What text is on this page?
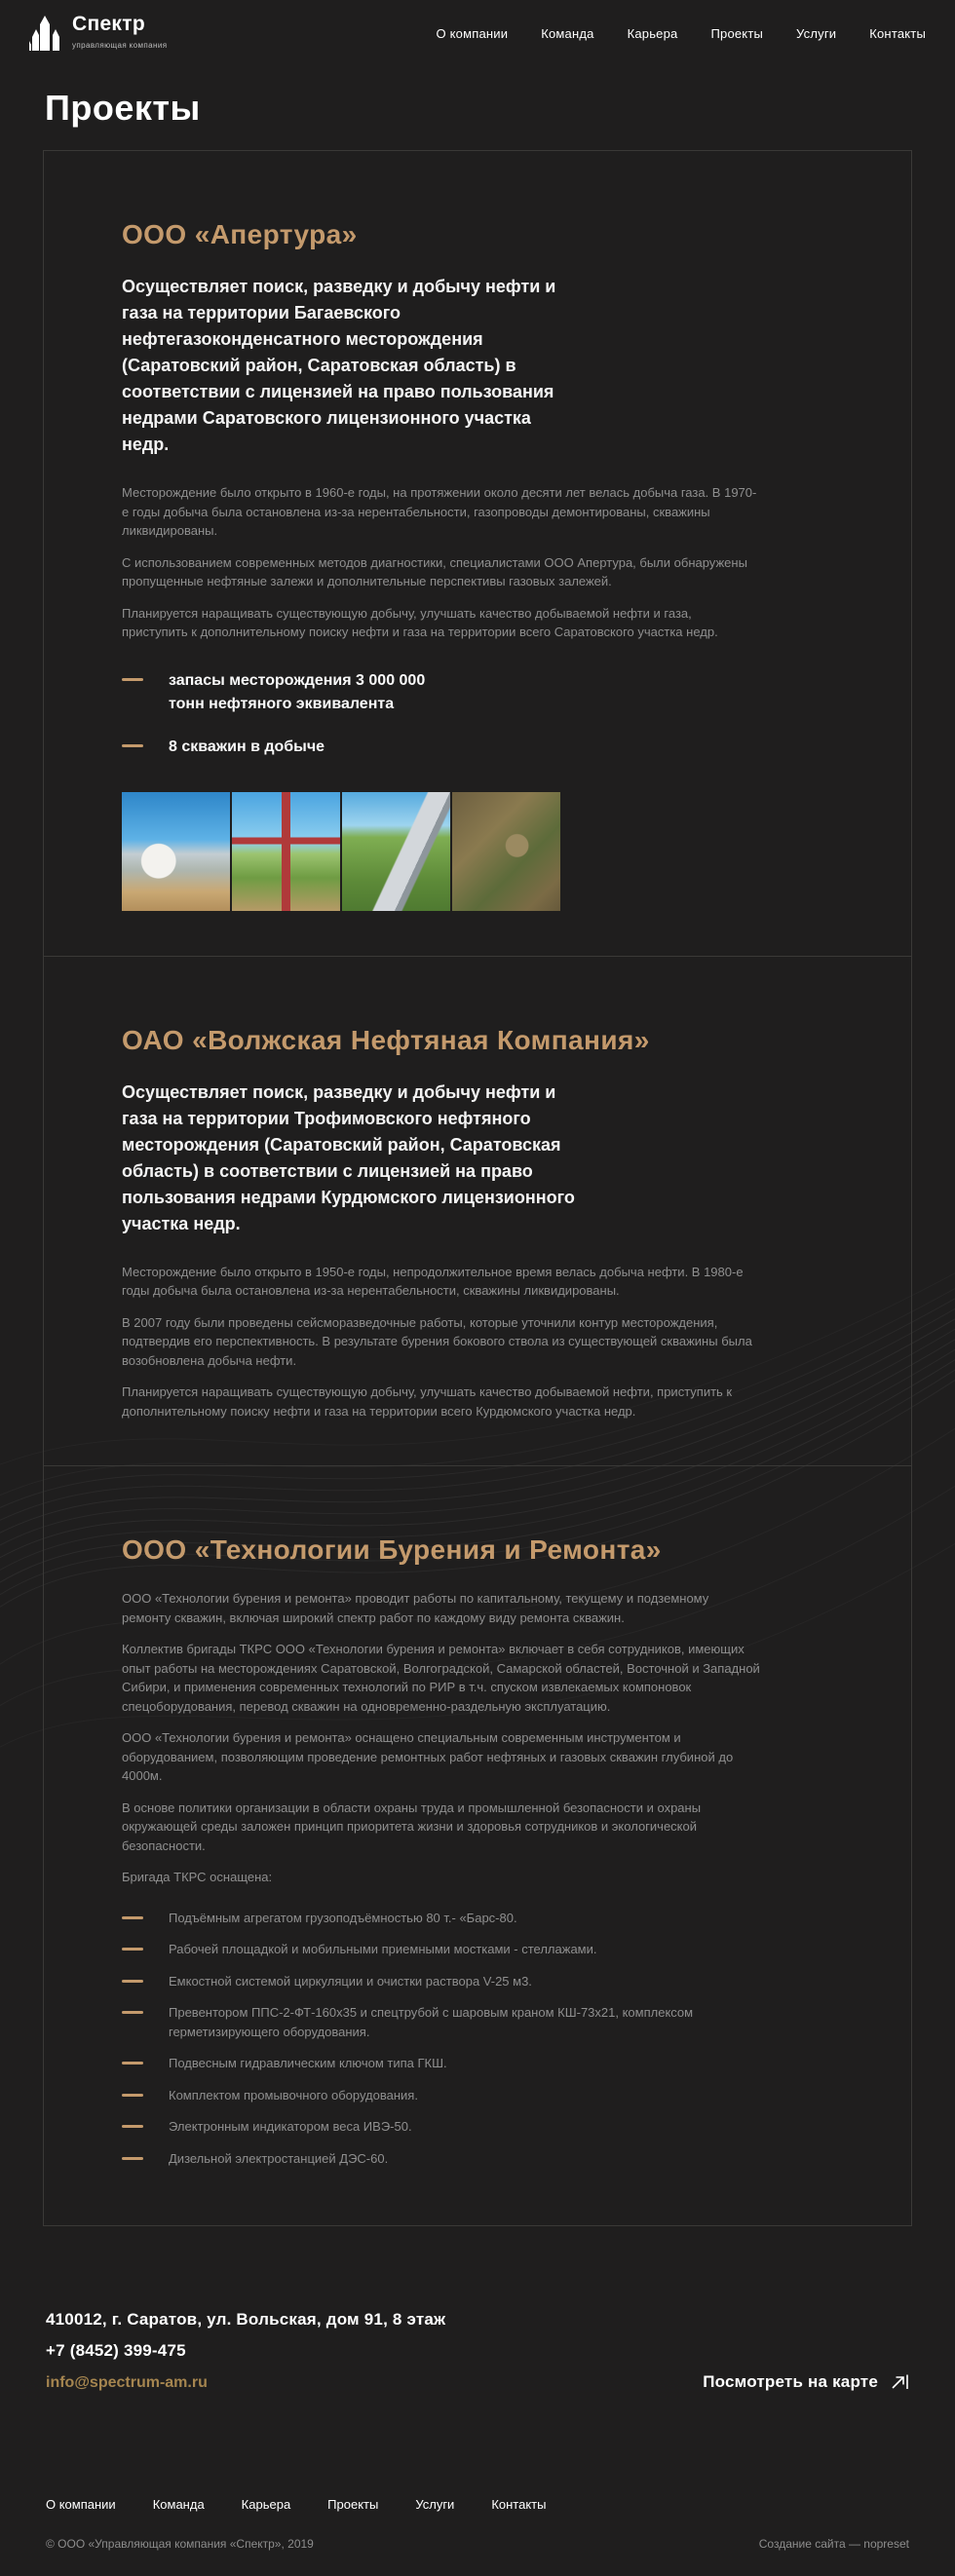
Спектр
управляющая компания
О компании	Команда	Карьера	Проекты	Услуги	Контакты
Проекты
ООО «Апертура»

Осуществляет поиск, разведку и добычу нефти и газа на территории Багаевского нефтегазоконденсатного месторождения (Саратовский район, Саратовская область) в соответствии с лицензией на право пользования недрами Саратовского лицензионного участка недр.

Месторождение было открыто в 1960-е годы, на протяжении около десяти лет велась добыча газа. В 1970-е годы добыча была остановлена из-за нерентабельности, газопроводы демонтированы, скважины ликвидированы.

С использованием современных методов диагностики, специалистами ООО Апертура, были обнаружены пропущенные нефтяные залежи и дополнительные перспективы газовых залежей.

Планируется наращивать существующую добычу, улучшать качество добываемой нефти и газа, приступить к дополнительному поиску нефти и газа на территории всего Саратовского участка недр.

запасы месторождения 3 000 000 тонн нефтяного эквивалента
8 скважин в добыче
ОАО «Волжская Нефтяная Компания»

Осуществляет поиск, разведку и добычу нефти и газа на территории Трофимовского нефтяного месторождения (Саратовский район, Саратовская область) в соответствии с лицензией на право пользования недрами Курдюмского лицензионного участка недр.

Месторождение было открыто в 1950-е годы, непродолжительное время велась добыча нефти. В 1980-е годы добыча была остановлена из-за нерентабельности, скважины ликвидированы.

В 2007 году были проведены сейсморазведочные работы, которые уточнили контур месторождения, подтвердив его перспективность. В результате бурения бокового ствола из существующей скважины была возобновлена добыча нефти.

Планируется наращивать существующую добычу, улучшать качество добываемой нефти, приступить к дополнительному поиску нефти и газа на территории всего Курдюмского участка недр.

ООО «Технологии Бурения и Ремонта»

ООО «Технологии бурения и ремонта» проводит работы по капитальному, текущему и подземному ремонту скважин, включая широкий спектр работ по каждому виду ремонта скважин.

Коллектив бригады ТКРС ООО «Технологии бурения и ремонта» включает в себя сотрудников, имеющих опыт работы на месторождениях Саратовской, Волгоградской, Самарской областей, Восточной и Западной Сибири, и применения современных технологий по РИР в т.ч. спуском извлекаемых компоновок спецоборудования, перевод скважин на одновременно-раздельную эксплуатацию.

ООО «Технологии бурения и ремонта» оснащено специальным современным инструментом и оборудованием, позволяющим проведение ремонтных работ нефтяных и газовых скважин глубиной до 4000м.

В основе политики организации в области охраны труда и промышленной безопасности и охраны окружающей среды заложен принцип приоритета жизни и здоровья сотрудников и экологической безопасности.

Бригада ТКРС оснащена:

Подъёмным агрегатом грузоподъёмностью 80 т.- «Барс-80.
Рабочей площадкой и мобильными приемными мостками - стеллажами.
Емкостной системой циркуляции и очистки раствора V-25 м3.
Превентором ППС-2-ФТ-160х35 и спецтрубой с шаровым краном КШ-73х21, комплексом герметизирующего оборудования.
Подвесным гидравлическим ключом типа ГКШ.
Комплектом промывочного оборудования.
Электронным индикатором веса ИВЭ-50.
Дизельной электростанцией ДЭС-60.
410012, г. Саратов, ул. Вольская, дом 91, 8 этаж
+7 (8452) 399-475
info@spectrum-am.ru	Посмотреть на карте
О компании	Команда	Карьера	Проекты	Услуги	Контакты
© ООО «Управляющая компания «Спектр», 2019	Создание сайта — nopreset
